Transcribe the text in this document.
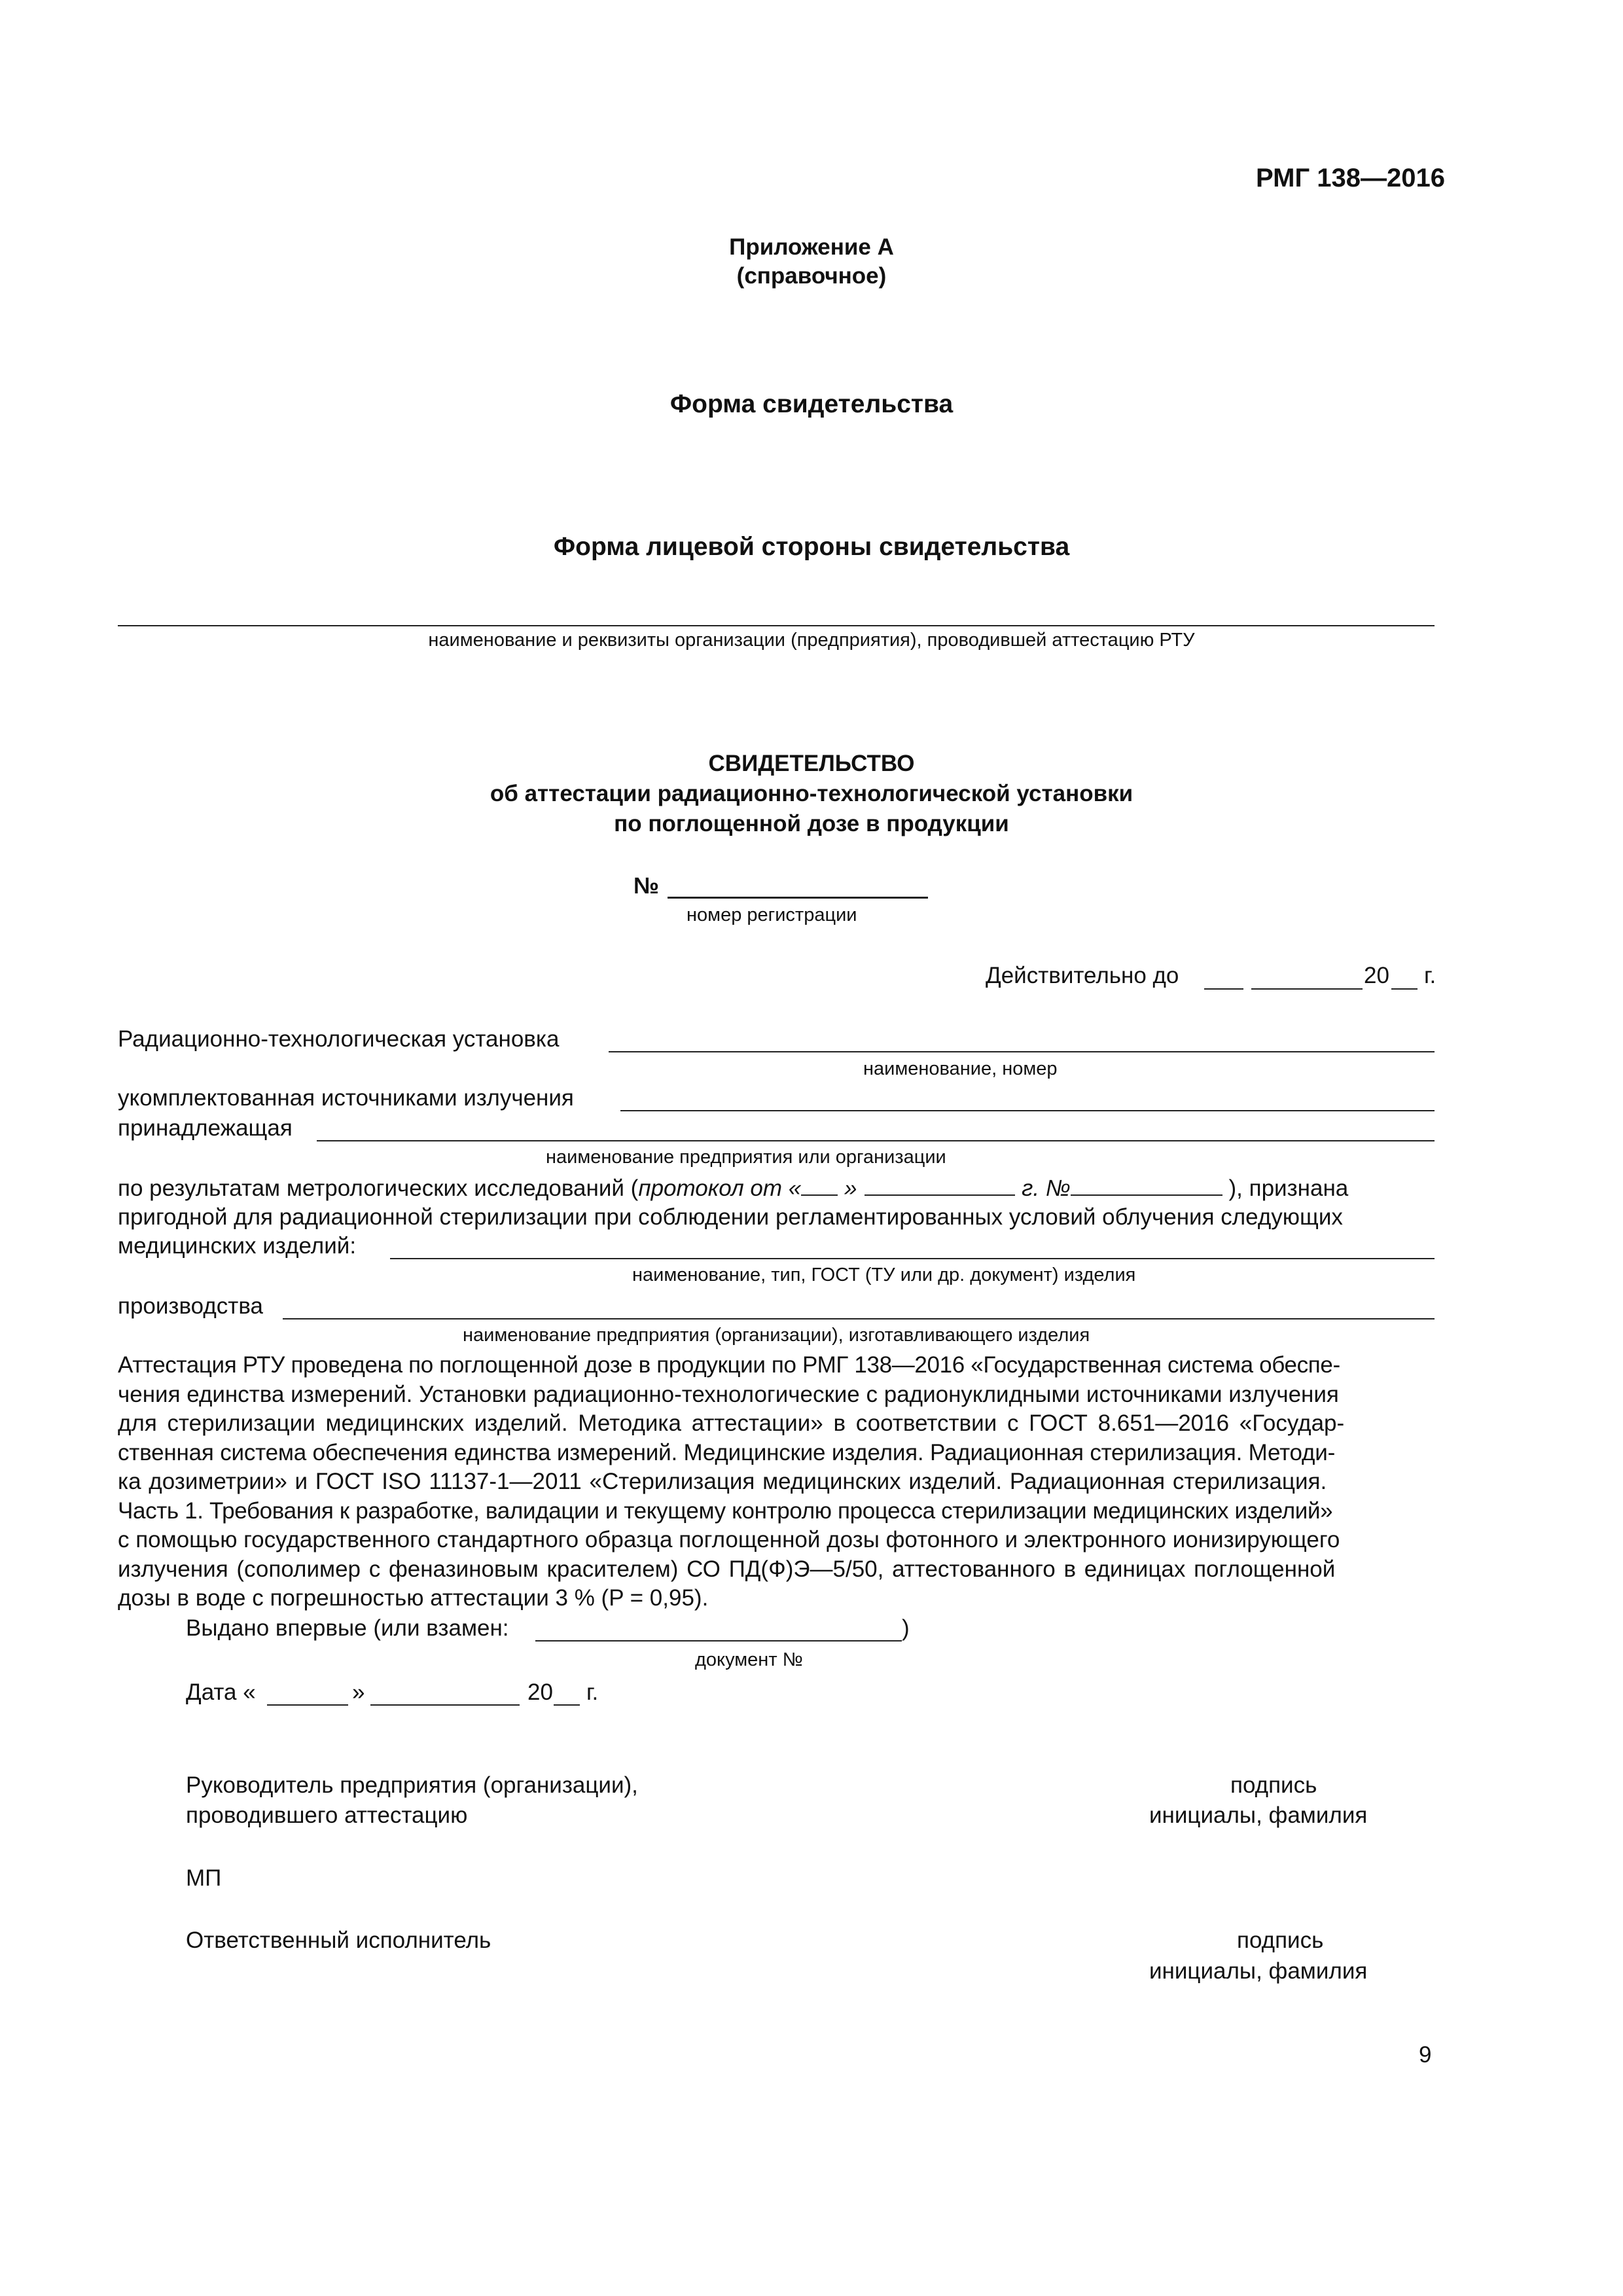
РМГ 138—2016
Приложение А
(справочное)
Форма свидетельства
Форма лицевой стороны свидетельства
наименование и реквизиты организации (предприятия), проводившей аттестацию РТУ
СВИДЕТЕЛЬСТВО
об аттестации радиационно-технологической установки
по поглощенной дозе в продукции
№
номер регистрации
Действительно до	20 г.
Радиационно-технологическая установка
наименование, номер
укомплектованная источниками излучения
принадлежащая
наименование предприятия или организации
по результатам метрологических исследований (протокол от « »	г. №	), признана
пригодной для радиационной стерилизации при соблюдении регламентированных условий облучения следующих
медицинских изделий:
наименование, тип, ГОСТ (ТУ или др. документ) изделия
производства
наименование предприятия (организации), изготавливающего изделия
Аттестация РТУ проведена по поглощенной дозе в продукции по РМГ 138—2016 «Государственная система обеспе-
чения единства измерений. Установки радиационно-технологические с радионуклидными источниками излучения
для стерилизации медицинских изделий. Методика аттестации» в соответствии с ГОСТ 8.651—2016 «Государ-
ственная система обеспечения единства измерений. Медицинские изделия. Радиационная стерилизация. Методи-
ка дозиметрии» и ГОСТ ISO 11137-1—2011 «Стерилизация медицинских изделий. Радиационная стерилизация.
Часть 1. Требования к разработке, валидации и текущему контролю процесса стерилизации медицинских изделий»
с помощью государственного стандартного образца поглощенной дозы фотонного и электронного ионизирующего
излучения (сополимер с феназиновым красителем) СО ПД(Ф)Э—5/50, аттестованного в единицах поглощенной
дозы в воде с погрешностью аттестации 3 % (P = 0,95).
Выдано впервые (или взамен:	)
документ №
Дата «	»	20 г.
Руководитель предприятия (организации),
проводившего аттестацию
подпись
инициалы, фамилия
МП
Ответственный исполнитель	подпись
инициалы, фамилия
9
